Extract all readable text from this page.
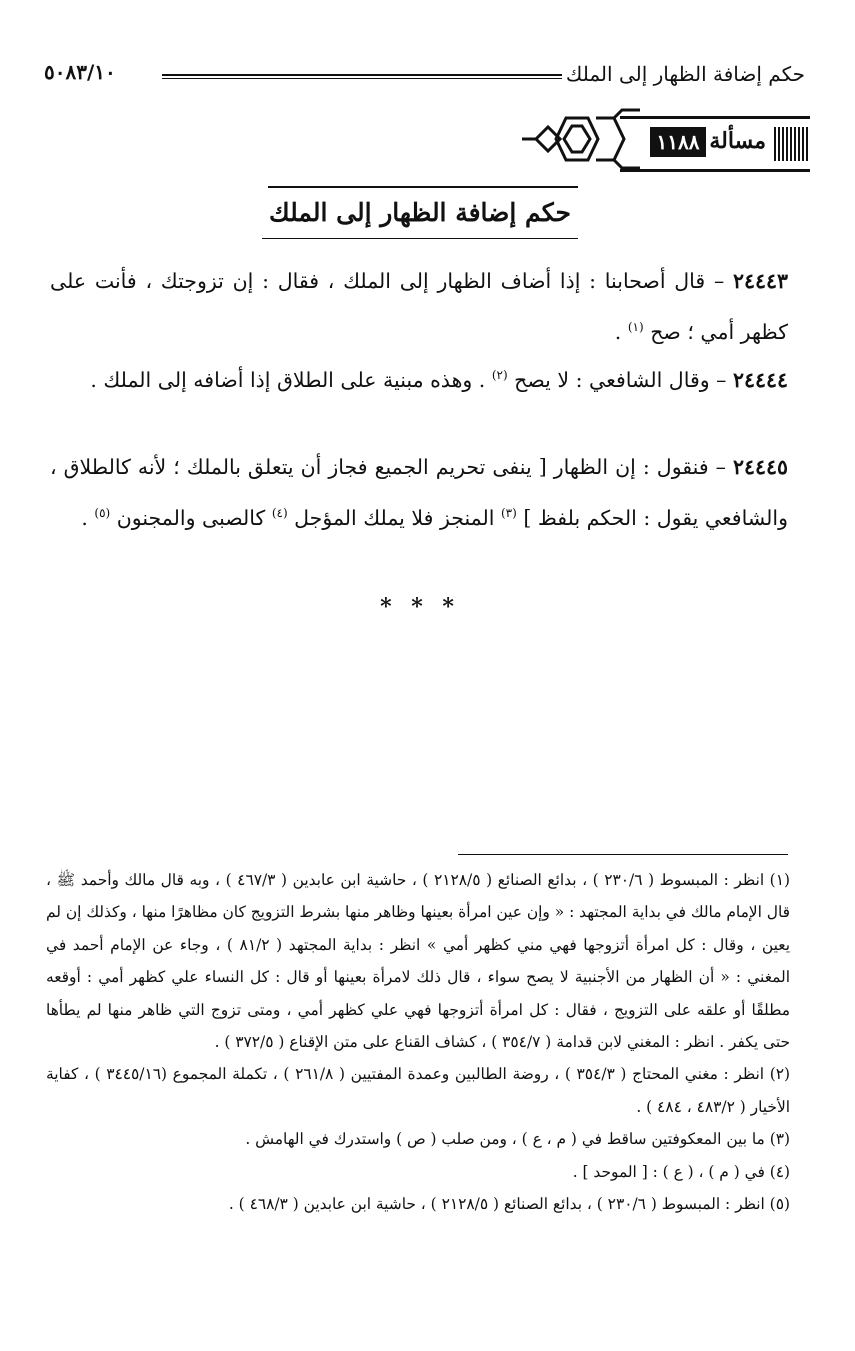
حكم إضافة الظهار إلى الملك
٥٠٨٣/١٠
مسألة
١١٨٨
حكم إضافة الظهار إلى الملك
٢٤٤٤٣ – قال أصحابنا : إذا أضاف الظهار إلى الملك ، فقال : إن تزوجتك ، فأنت على كظهر أمي ؛ صح $^{(١)}$ .
٢٤٤٤٤ – وقال الشافعي : لا يصح $^{(٢)}$ . وهذه مبنية على الطلاق إذا أضافه إلى الملك .
٢٤٤٤٥ – فنقول : إن الظهار [ ينفى تحريم الجميع فجاز أن يتعلق بالملك ؛ لأنه كالطلاق ، والشافعي يقول : الحكم بلفظ ] $^{(٣)}$ المنجز فلا يملك المؤجل $^{(٤)}$ كالصبى والمجنون $^{(٥)}$ .
* * *

(١) انظر : المبسوط ( ٢٣٠/٦ ) ، بدائع الصنائع ( ٢١٢٨/٥ ) ، حاشية ابن عابدين ( ٤٦٧/٣ ) ، وبه قال مالك وأحمد ﷺ ، قال الإمام مالك في بداية المجتهد : « وإن عين امرأة بعينها وظاهر منها بشرط التزويج كان مظاهرًا منها ، وكذلك إن لم يعين ، وقال : كل امرأة أتزوجها فهي مني كظهر أمي » انظر : بداية المجتهد ( ٨١/٢ ) ، وجاء عن الإمام أحمد في المغني : « أن الظهار من الأجنبية لا يصح سواء ، قال ذلك لامرأة بعينها أو قال : كل النساء علي كظهر أمي : أوقعه مطلقًا أو علقه على التزويج ، فقال : كل امرأة أتزوجها فهي علي كظهر أمي ، ومتى تزوج التي ظاهر منها لم يطأها حتى يكفر . انظر : المغني لابن قدامة ( ٣٥٤/٧ ) ، كشاف القناع على متن الإقناع ( ٣٧٢/٥ ) .

(٢) انظر : مغني المحتاج ( ٣٥٤/٣ ) ، روضة الطالبين وعمدة المفتيين ( ٢٦١/٨ ) ، تكملة المجموع (٣٤٤٥/١٦ ) ، كفاية الأخيار ( ٤٨٣/٢ ، ٤٨٤ ) .

(٣) ما بين المعكوفتين ساقط في ( م ، ع ) ، ومن صلب ( ص ) واستدرك في الهامش .

(٤) في ( م ) ، ( ع ) : [ الموحد ] .

(٥) انظر : المبسوط ( ٢٣٠/٦ ) ، بدائع الصنائع ( ٢١٢٨/٥ ) ، حاشية ابن عابدين ( ٤٦٨/٣ ) .
